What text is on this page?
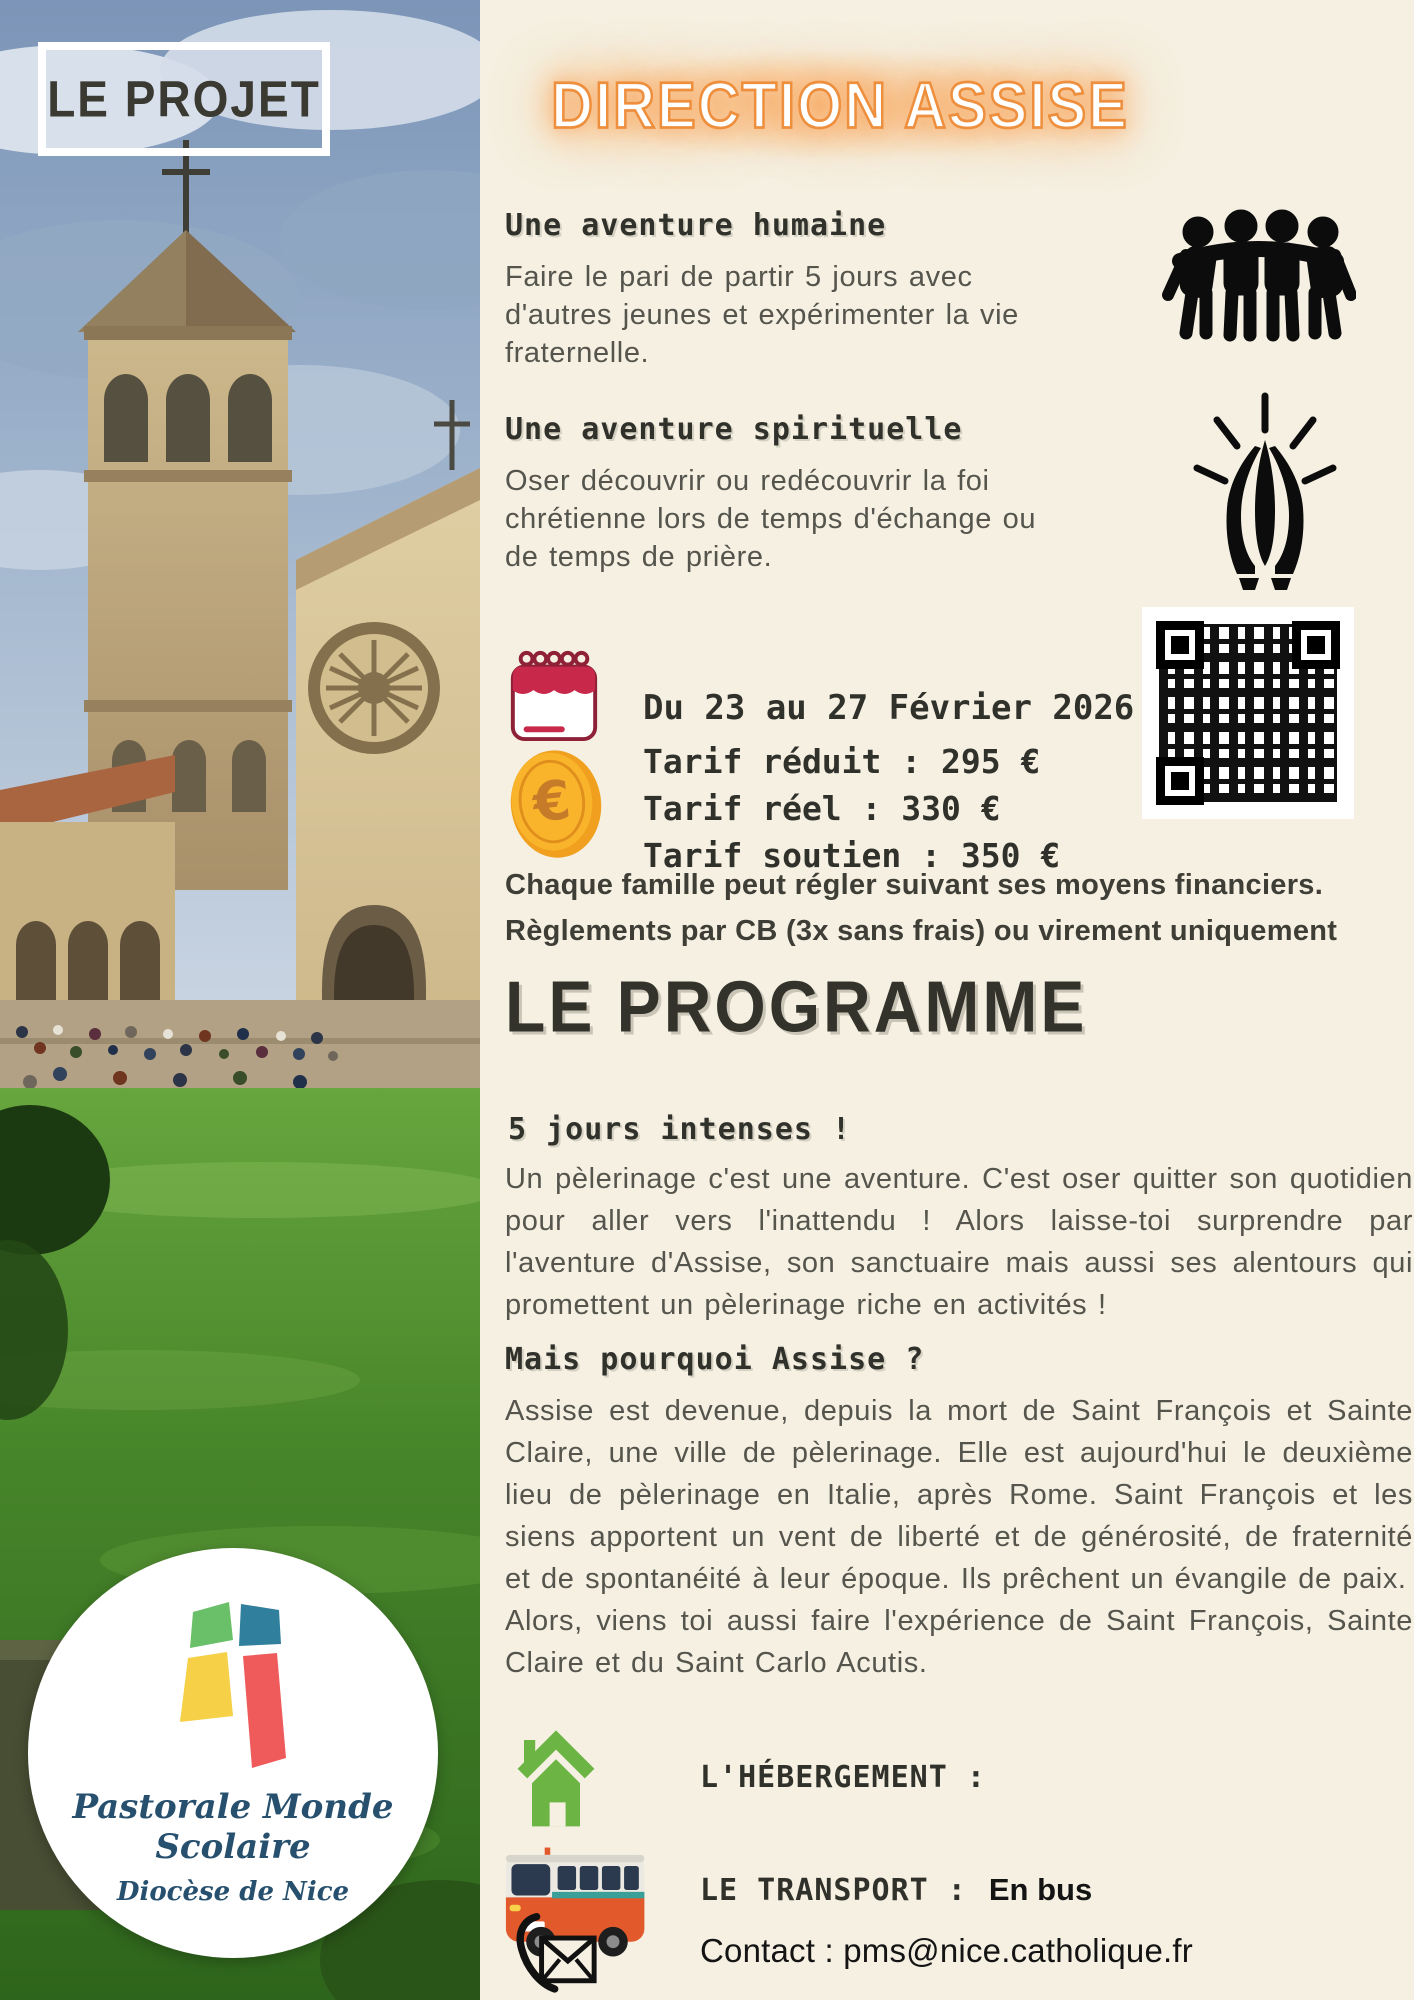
LE PROJET
Pastorale Monde Scolaire
Diocèse de Nice
DIRECTION ASSISE
Une aventure humaine
Faire le pari de partir 5 jours avec d'autres jeunes et expérimenter la vie fraternelle.
Une aventure spirituelle
Oser découvrir ou redécouvrir la foi chrétienne lors de temps d'échange ou de temps de prière.
Du 23 au 27 Février 2026
€
Tarif réduit : 295 €
Tarif réel : 330 €
Tarif soutien : 350 €
Chaque famille peut régler suivant ses moyens financiers.
Règlements par CB (3x sans frais) ou virement uniquement
LE PROGRAMME
5 jours intenses !
Un pèlerinage c'est une aventure. C'est oser quitter son quotidien pour aller vers l'inattendu ! Alors laisse-toi surprendre par l'aventure d'Assise, son sanctuaire mais aussi ses alentours qui promettent un pèlerinage riche en activités !
Mais pourquoi Assise ?
Assise est devenue, depuis la mort de Saint François et Sainte Claire, une ville de pèlerinage. Elle est aujourd'hui le deuxième lieu de pèlerinage en Italie, après Rome. Saint François et les siens apportent un vent de liberté et de générosité, de fraternité et de spontanéité à leur époque. Ils prêchent un évangile de paix.
Alors, viens toi aussi faire l'expérience de Saint François, Sainte Claire et du Saint Carlo Acutis.
L'HÉBERGEMENT :
LE TRANSPORT : En bus
Contact : pms@nice.catholique.fr
